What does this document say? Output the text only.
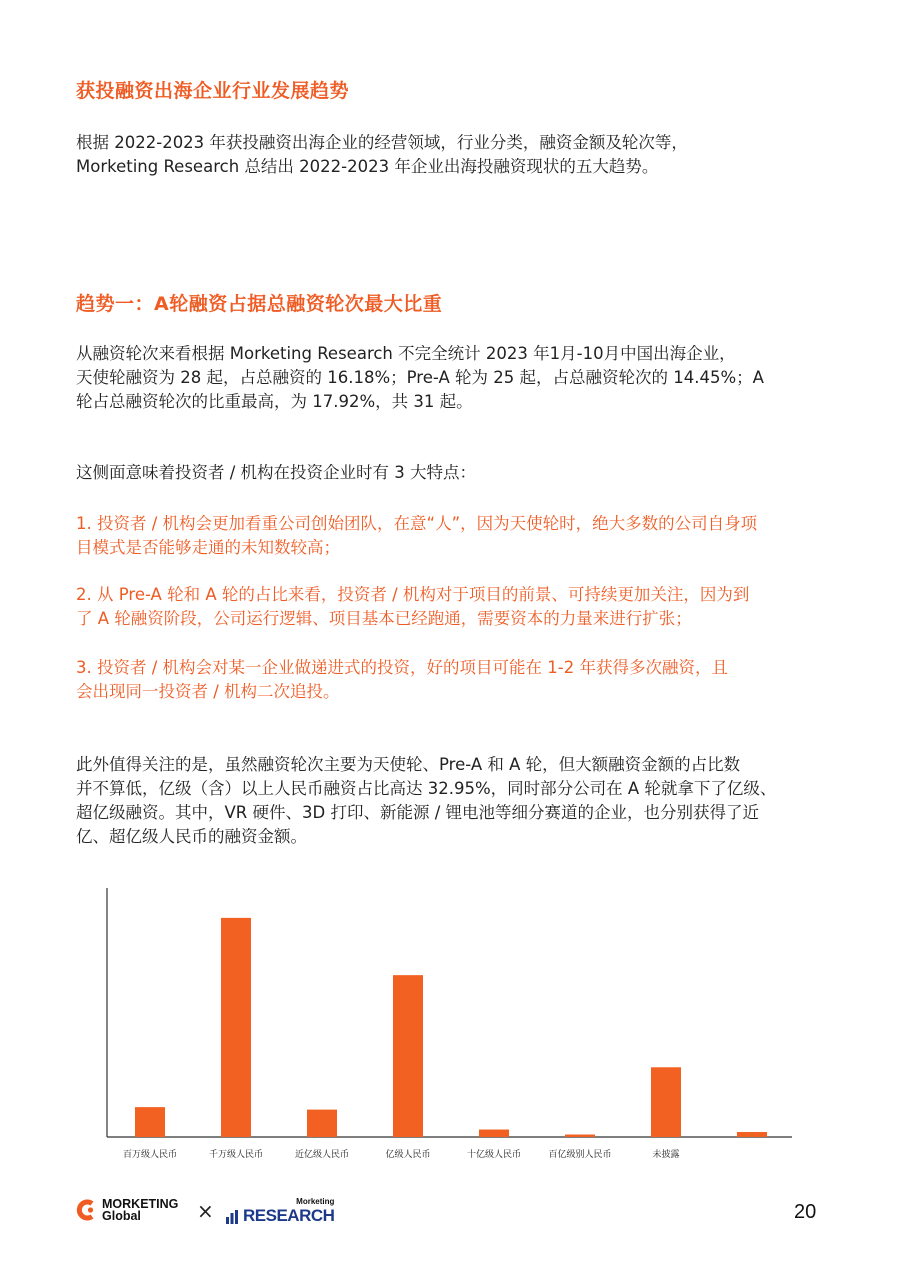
获投融资出海企业行业发展趋势
根据 2022-2023 年获投融资出海企业的经营领域，行业分类，融资金额及轮次等，
Morketing Research 总结出 2022-2023 年企业出海投融资现状的五大趋势。
趋势一：A轮融资占据总融资轮次最大比重
从融资轮次来看根据 Morketing Research 不完全统计 2023 年1月-10月中国出海企业，
天使轮融资为 28 起，占总融资的 16.18%；Pre-A 轮为 25 起，占总融资轮次的 14.45%；A
轮占总融资轮次的比重最高，为 17.92%，共 31 起。
这侧面意味着投资者 / 机构在投资企业时有 3 大特点：
1. 投资者 / 机构会更加看重公司创始团队，在意“人”，因为天使轮时，绝大多数的公司自身项
目模式是否能够走通的未知数较高；
2. 从 Pre-A 轮和 A 轮的占比来看，投资者 / 机构对于项目的前景、可持续更加关注，因为到
了 A 轮融资阶段，公司运行逻辑、项目基本已经跑通，需要资本的力量来进行扩张；
3. 投资者 / 机构会对某一企业做递进式的投资，好的项目可能在 1-2 年获得多次融资，且
会出现同一投资者 / 机构二次追投。
此外值得关注的是，虽然融资轮次主要为天使轮、Pre-A 和 A 轮，但大额融资金额的占比数
并不算低，亿级（含）以上人民币融资占比高达 32.95%，同时部分公司在 A 轮就拿下了亿级、
超亿级融资。其中，VR 硬件、3D 打印、新能源 / 锂电池等细分赛道的企业，也分别获得了近
亿、超亿级人民币的融资金额。
百万级人民币	千万级人民币	近亿级人民币	亿级人民币	十亿级人民币	百亿级别人民币	未披露
MORKETING
Global	×	Morketing
RESEARCH	20
